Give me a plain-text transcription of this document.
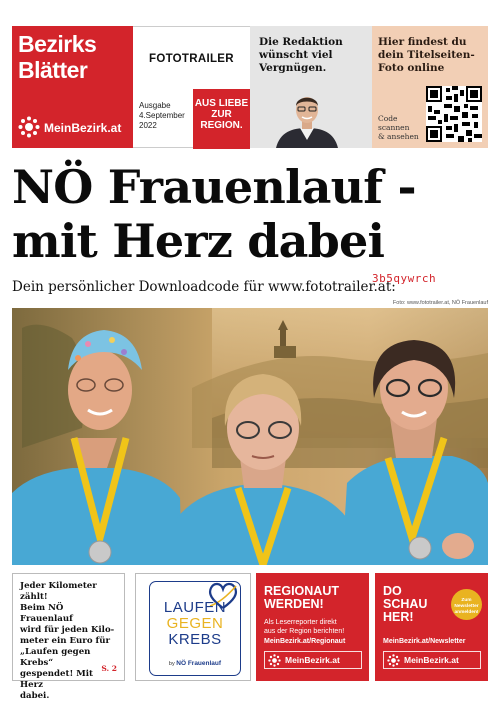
Bezirks
Blätter
MeinBezirk.at
FOTOTRAILER
Ausgabe
4.September
2022
AUS LIEBE
ZUR
REGION.
Die Redaktion
wünscht viel
Vergnügen.
Hier findest du
dein Titelseiten-
Foto online
Code
scannen
& ansehen
NÖ Frauenlauf -
mit Herz dabei
Dein persönlicher Downloadcode für www.fototrailer.at:
3b5qywrch
Foto: www.fototrailer.at, NÖ Frauenlauf
Jeder Kilometer zählt!
Beim NÖ Frauenlauf
wird für jeden Kilo-
meter ein Euro für
„Laufen gegen Krebs“
gespendet! Mit Herz
dabei.
S. 2
LAUFEN
GEGEN
KREBS
by NÖ Frauenlauf
REGIONAUT
WERDEN!
Als Leserreporter direkt
aus der Region berichten!
MeinBezirk.at/Regionaut
MeinBezirk.at
DO
SCHAU
HER!
Zum
Newsletter
anmelden!
MeinBezirk.at/Newsletter
MeinBezirk.at
